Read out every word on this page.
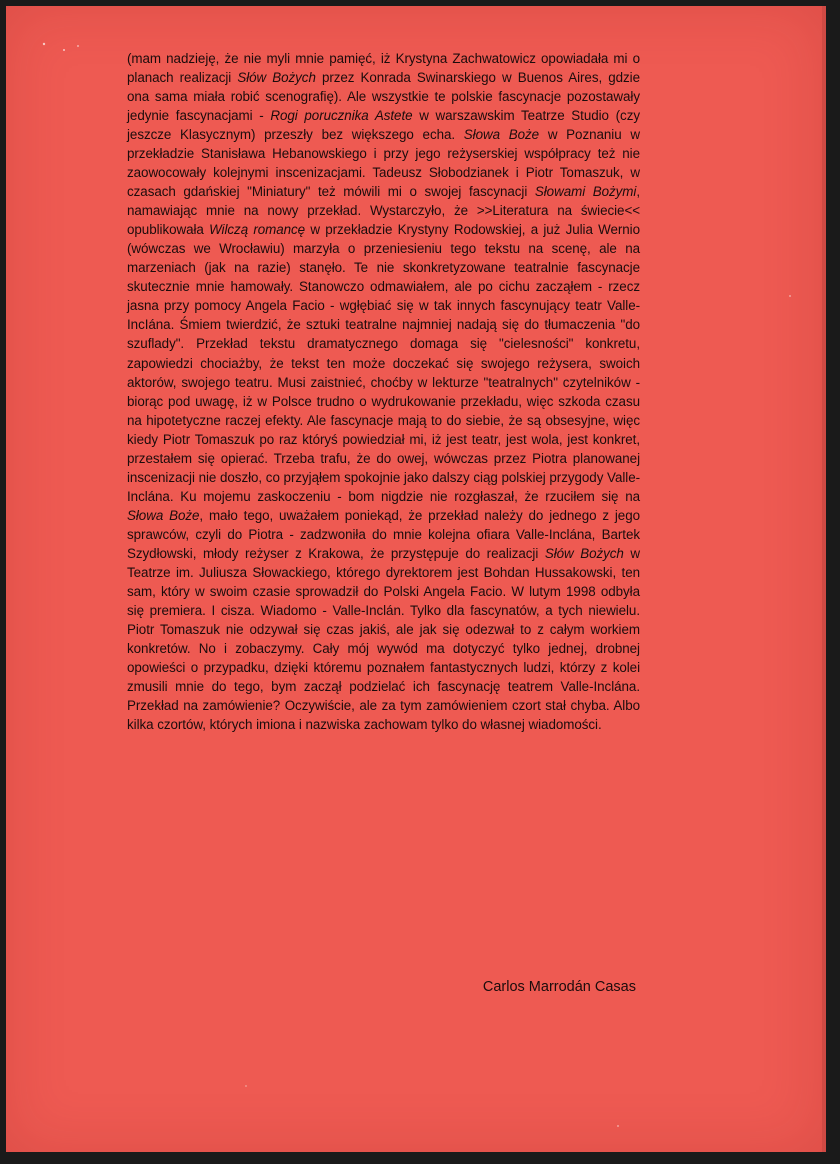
(mam nadzieję, że nie myli mnie pamięć, iż Krystyna Zachwatowicz opowiadała mi o planach realizacji Słów Bożych przez Konrada Swinarskiego w Buenos Aires, gdzie ona sama miała robić scenografię). Ale wszystkie te polskie fascynacje pozostawały jedynie fascynacjami - Rogi porucznika Astete w warszawskim Teatrze Studio (czy jeszcze Klasycznym) przeszły bez większego echa. Słowa Boże w Poznaniu w przekładzie Stanisława Hebanowskiego i przy jego reżyserskiej współpracy też nie zaowocowały kolejnymi inscenizacjami. Tadeusz Słobodzianek i Piotr Tomaszuk, w czasach gdańskiej "Miniatury" też mówili mi o swojej fascynacji Słowami Bożymi, namawiając mnie na nowy przekład. Wystarczyło, że >>Literatura na świecie<< opublikowała Wilczą romancę w przekładzie Krystyny Rodowskiej, a już Julia Wernio (wówczas we Wrocławiu) marzyła o przeniesieniu tego tekstu na scenę, ale na marzeniach (jak na razie) stanęło. Te nie skonkretyzowane teatralnie fascynacje skutecznie mnie hamowały. Stanowczo odmawiałem, ale po cichu zacząłem - rzecz jasna przy pomocy Angela Facio - wgłębiać się w tak innych fascynujący teatr Valle-IncIána. Śmiem twierdzić, że sztuki teatralne najmniej nadają się do tłumaczenia "do szuflady". Przekład tekstu dramatycznego domaga się "cielesności" konkretu, zapowiedzi chociażby, że tekst ten może doczekać się swojego reżysera, swoich aktorów, swojego teatru. Musi zaistnieć, choćby w lekturze "teatralnych" czytelników - biorąc pod uwagę, iż w Polsce trudno o wydrukowanie przekładu, więc szkoda czasu na hipotetyczne raczej efekty. Ale fascynacje mają to do siebie, że są obsesyjne, więc kiedy Piotr Tomaszuk po raz któryś powiedział mi, iż jest teatr, jest wola, jest konkret, przestałem się opierać. Trzeba trafu, że do owej, wówczas przez Piotra planowanej inscenizacji nie doszło, co przyjąłem spokojnie jako dalszy ciąg polskiej przygody Valle-Inclána. Ku mojemu zaskoczeniu - bom nigdzie nie rozgłaszał, że rzuciłem się na Słowa Boże, mało tego, uważałem poniekąd, że przekład należy do jednego z jego sprawców, czyli do Piotra - zadzwoniła do mnie kolejna ofiara Valle-Inclána, Bartek Szydłowski, młody reżyser z Krakowa, że przystępuje do realizacji Słów Bożych w Teatrze im. Juliusza Słowackiego, którego dyrektorem jest Bohdan Hussakowski, ten sam, który w swoim czasie sprowadził do Polski Angela Facio. W lutym 1998 odbyła się premiera. I cisza. Wiadomo - Valle-Inclán. Tylko dla fascynatów, a tych niewielu. Piotr Tomaszuk nie odzywał się czas jakiś, ale jak się odezwał to z całym workiem konkretów. No i zobaczymy. Cały mój wywód ma dotyczyć tylko jednej, drobnej opowieści o przypadku, dzięki któremu poznałem fantastycznych ludzi, którzy z kolei zmusili mnie do tego, bym zaczął podzielać ich fascynację teatrem Valle-Inclána. Przekład na zamówienie? Oczywiście, ale za tym zamówieniem czort stał chyba. Albo kilka czortów, których imiona i nazwiska zachowam tylko do własnej wiadomości.

Carlos Marrodán Casas
